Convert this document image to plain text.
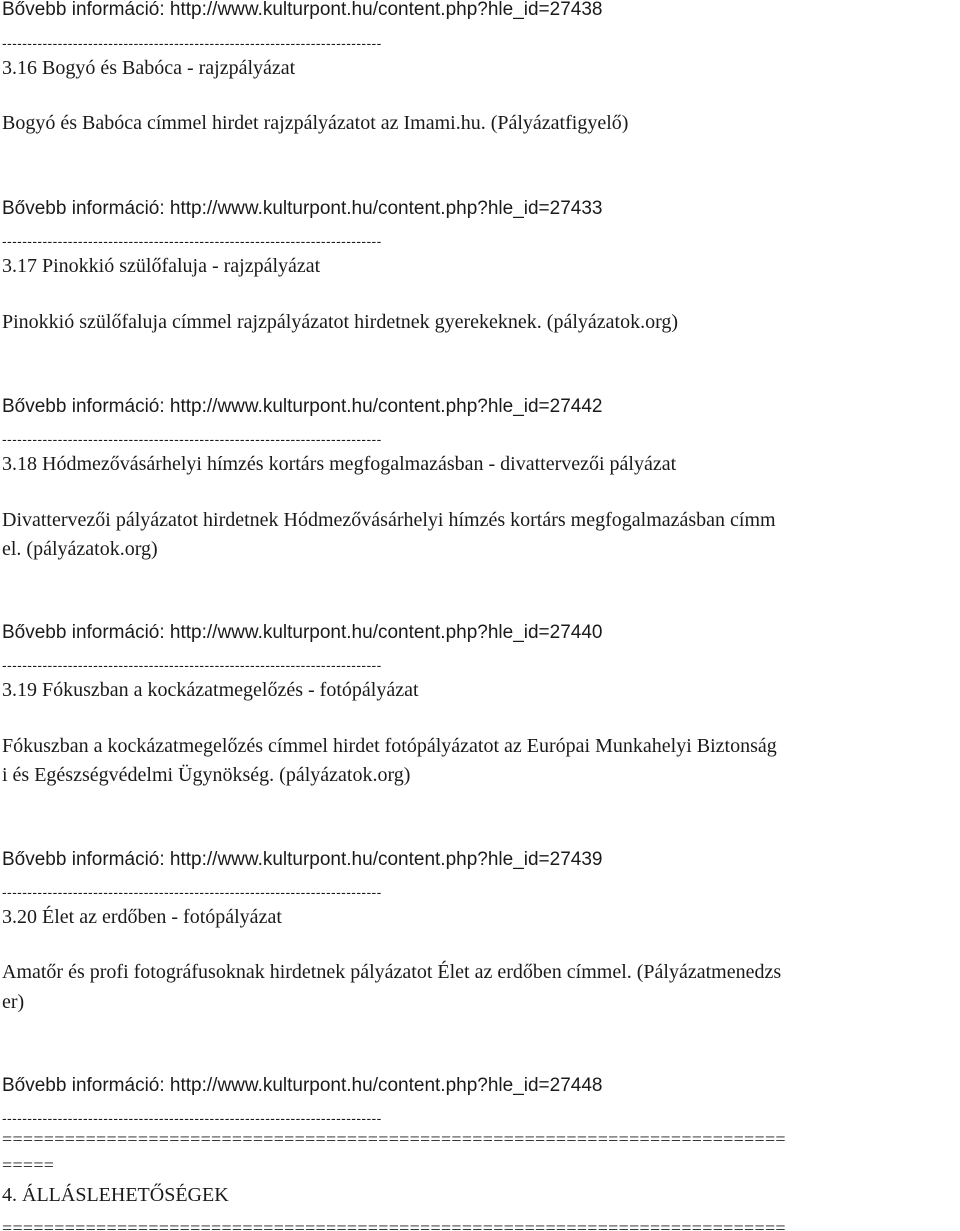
Bővebb információ: http://www.kulturpont.hu/content.php?hle_id=27438
---------------------------------------------------------------------------
3.16 Bogyó és Babóca - rajzpályázat
Bogyó és Babóca címmel hirdet rajzpályázatot az Imami.hu. (Pályázatfigyelő)
Bővebb információ: http://www.kulturpont.hu/content.php?hle_id=27433
---------------------------------------------------------------------------
3.17 Pinokkió szülőfaluja - rajzpályázat
Pinokkió szülőfaluja címmel rajzpályázatot hirdetnek gyerekeknek. (pályázatok.org)
Bővebb információ: http://www.kulturpont.hu/content.php?hle_id=27442
---------------------------------------------------------------------------
3.18 Hódmezővásárhelyi hímzés kortárs megfogalmazásban - divattervezői pályázat
Divattervezői pályázatot hirdetnek Hódmezővásárhelyi hímzés kortárs megfogalmazásban címm
el. (pályázatok.org)
Bővebb információ: http://www.kulturpont.hu/content.php?hle_id=27440
---------------------------------------------------------------------------
3.19 Fókuszban a kockázatmegelőzés - fotópályázat
Fókuszban a kockázatmegelőzés címmel hirdet fotópályázatot az Európai Munkahelyi Biztonság
i és Egészségvédelmi Ügynökség. (pályázatok.org)
Bővebb információ: http://www.kulturpont.hu/content.php?hle_id=27439
---------------------------------------------------------------------------
3.20 Élet az erdőben - fotópályázat
Amatőr és profi fotográfusoknak hirdetnek pályázatot Élet az erdőben címmel. (Pályázatmenedzs
er)
Bővebb információ: http://www.kulturpont.hu/content.php?hle_id=27448
---------------------------------------------------------------------------
===========================================================================
=====
4. ÁLLÁSLEHETŐSÉGEK
===========================================================================
